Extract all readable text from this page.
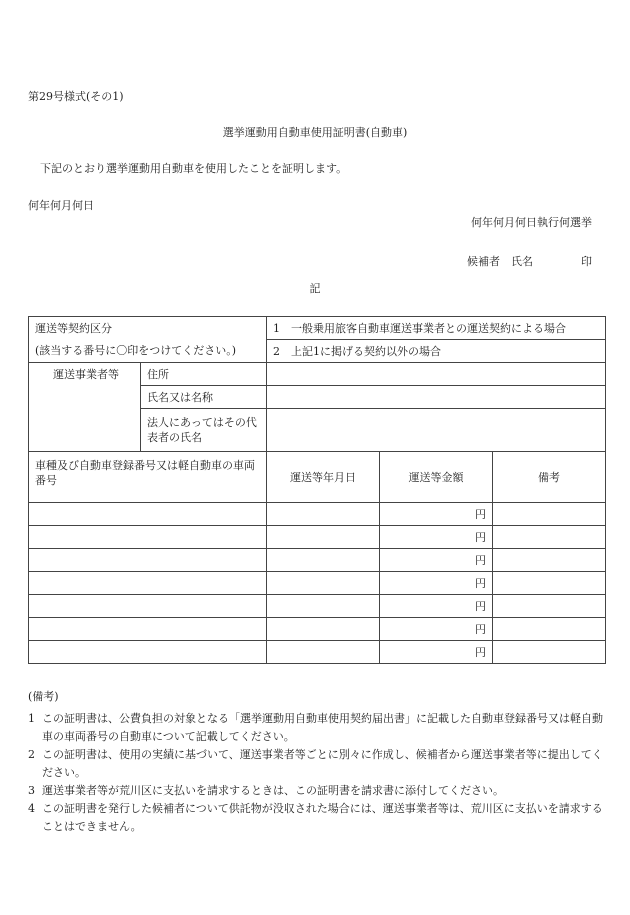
第29号様式(その1)
選挙運動用自動車使用証明書(自動車)
下記のとおり選挙運動用自動車を使用したことを証明します。
何年何月何日
何年何月何日執行何選挙
候補者　氏名	印
記
運送等契約区分		1　一般乗用旅客自動車運送事業者との運送契約による場合		
(該当する番号に〇印をつけてください。)		2　上記1に掲げる契約以外の場合		
運送事業者等	住所			
	氏名又は名称			
	法人にあってはその代表者の氏名			
車種及び自動車登録番号又は軽自動車の車両番号		運送等年月日	運送等金額	備考
			円	
			円	
			円	
			円	
			円	
			円	
			円	
(備考)
1 この証明書は、公費負担の対象となる「選挙運動用自動車使用契約届出書」に記載した自動車登録番号又は軽自動車の車両番号の自動車について記載してください。
2 この証明書は、使用の実績に基づいて、運送事業者等ごとに別々に作成し、候補者から運送事業者等に提出してください。
3 運送事業者等が荒川区に支払いを請求するときは、この証明書を請求書に添付してください。
4 この証明書を発行した候補者について供託物が没収された場合には、運送事業者等は、荒川区に支払いを請求することはできません。
